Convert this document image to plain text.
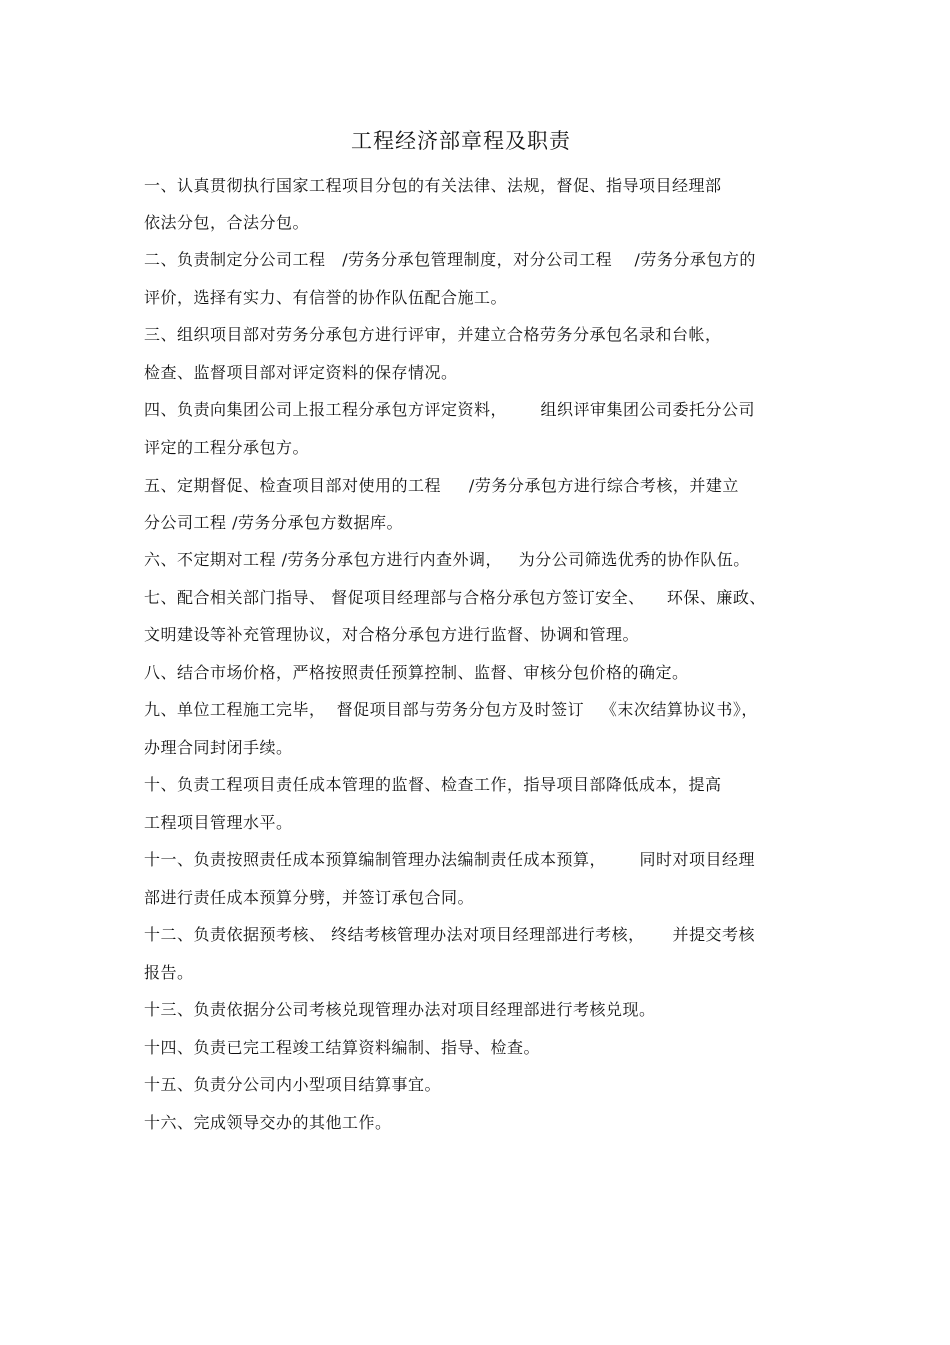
工程经济部章程及职责
一、认真贯彻执行国家工程项目分包的有关法律、法规，督促、指导项目经理部
依法分包，合法分包。
二、负责制定分公司工程   /劳务分承包管理制度，对分公司工程    /劳务分承包方的
评价，选择有实力、有信誉的协作队伍配合施工。
三、组织项目部对劳务分承包方进行评审，并建立合格劳务分承包名录和台帐，
检查、监督项目部对评定资料的保存情况。
四、负责向集团公司上报工程分承包方评定资料，      组织评审集团公司委托分公司
评定的工程分承包方。
五、定期督促、检查项目部对使用的工程     /劳务分承包方进行综合考核，并建立
分公司工程 /劳务分承包方数据库。
六、不定期对工程 /劳务分承包方进行内查外调，   为分公司筛选优秀的协作队伍。
七、配合相关部门指导、 督促项目经理部与合格分承包方签订安全、    环保、廉政、
文明建设等补充管理协议，对合格分承包方进行监督、协调和管理。
八、结合市场价格，严格按照责任预算控制、监督、审核分包价格的确定。
九、单位工程施工完毕，  督促项目部与劳务分包方及时签订   《末次结算协议书》，
办理合同封闭手续。
十、负责工程项目责任成本管理的监督、检查工作，指导项目部降低成本，提高
工程项目管理水平。
十一、负责按照责任成本预算编制管理办法编制责任成本预算，      同时对项目经理
部进行责任成本预算分劈，并签订承包合同。
十二、负责依据预考核、 终结考核管理办法对项目经理部进行考核，     并提交考核
报告。
十三、负责依据分公司考核兑现管理办法对项目经理部进行考核兑现。
十四、负责已完工程竣工结算资料编制、指导、检查。
十五、负责分公司内小型项目结算事宜。
十六、完成领导交办的其他工作。
